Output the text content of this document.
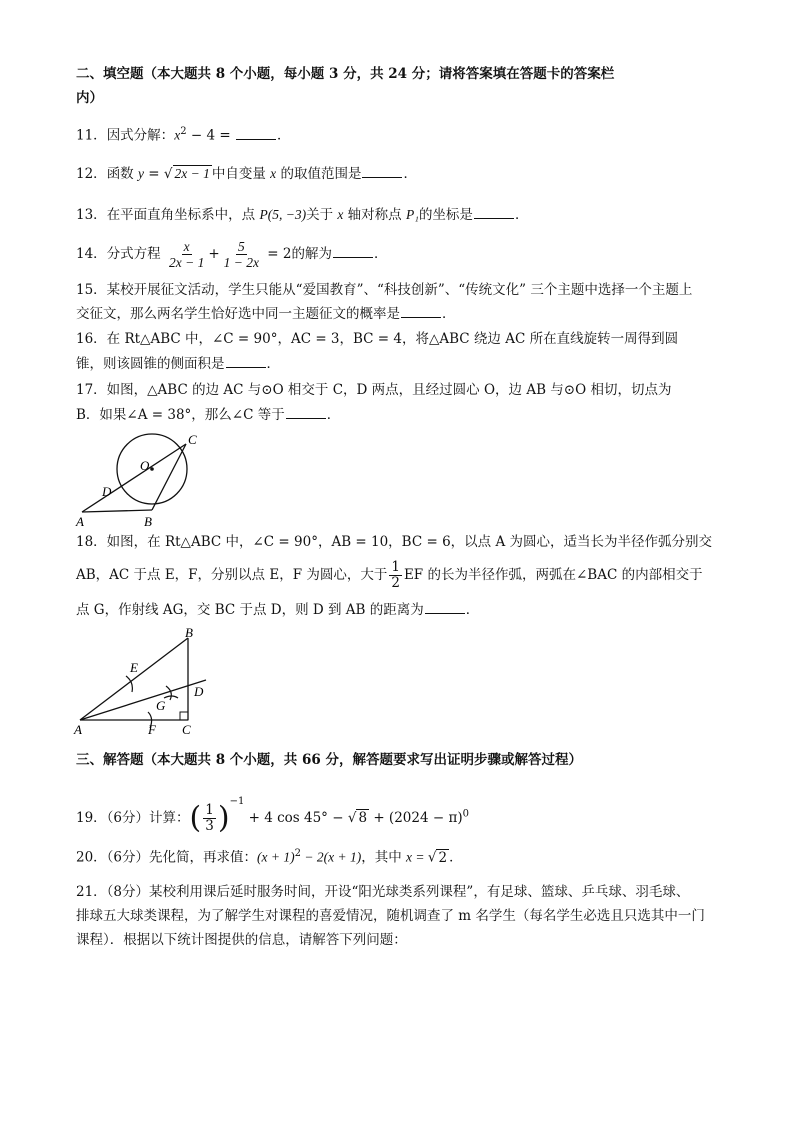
二、填空题（本大题共 8 个小题，每小题 3 分，共 24 分；请将答案填在答题卡的答案栏
内）
11．因式分解：$x^2 - 4$ =	．
12．函数 y = √ 2x − 1 中自变量 x 的取值范围是	．
13．在平面直角坐标系中，点 P(5, −3)关于 x 轴对称点 P₁的坐标是	．
14．分式方程 $\frac{x}{2x - 1} + \frac{5}{1 - 2x} = 2$的解为	．
15．某校开展征文活动，学生只能从“爱国教育”、“科技创新”、“传统文化” 三个主题中选择一个主题上
交征文，那么两名学生恰好选中同一主题征文的概率是	．
16．在 Rt△ABC 中，∠C = 90°，AC = 3，BC = 4，将△ABC 绕边 AC 所在直线旋转一周得到圆
锥，则该圆锥的侧面积是	．
17．如图，△ABC 的边 AC 与⊙O 相交于 C，D 两点，且经过圆心 O，边 AB 与⊙O 相切，切点为
B．如果∠A = 38°，那么∠C 等于	．
C
O
D
A	B
18．如图，在 Rt△ABC 中，∠C = 90°，AB = 10，BC = 6，以点 A 为圆心，适当长为半径作弧分别交
AB，AC 于点 E，F，分别以点 E，F 为圆心，大于 $\frac{1}{2}$ EF 的长为半径作弧，两弧在∠BAC 的内部相交于
点 G，作射线 AG，交 BC 于点 D，则 D 到 AB 的距离为	．
B
E
D
G
A	F C
三、解答题（本大题共 8 个小题，共 66 分，解答题要求写出证明步骤或解答过程）
19．（6分）计算：( $\frac{1}{3} )^{-1} + 4$ cos 45° − √ $8 + (2024 - \pi)^0$
20．（6分）先化简，再求值：$(x + 1)^2 - 2(x + 1)$，其中 x = √ 2 ．
21．（8分）某校利用课后延时服务时间，开设“阳光球类系列课程”，有足球、篮球、乒乓球、羽毛球、
排球五大球类课程，为了解学生对课程的喜爱情况，随机调查了 m 名学生（每名学生必选且只选其中一门
课程）．根据以下统计图提供的信息，请解答下列问题：
